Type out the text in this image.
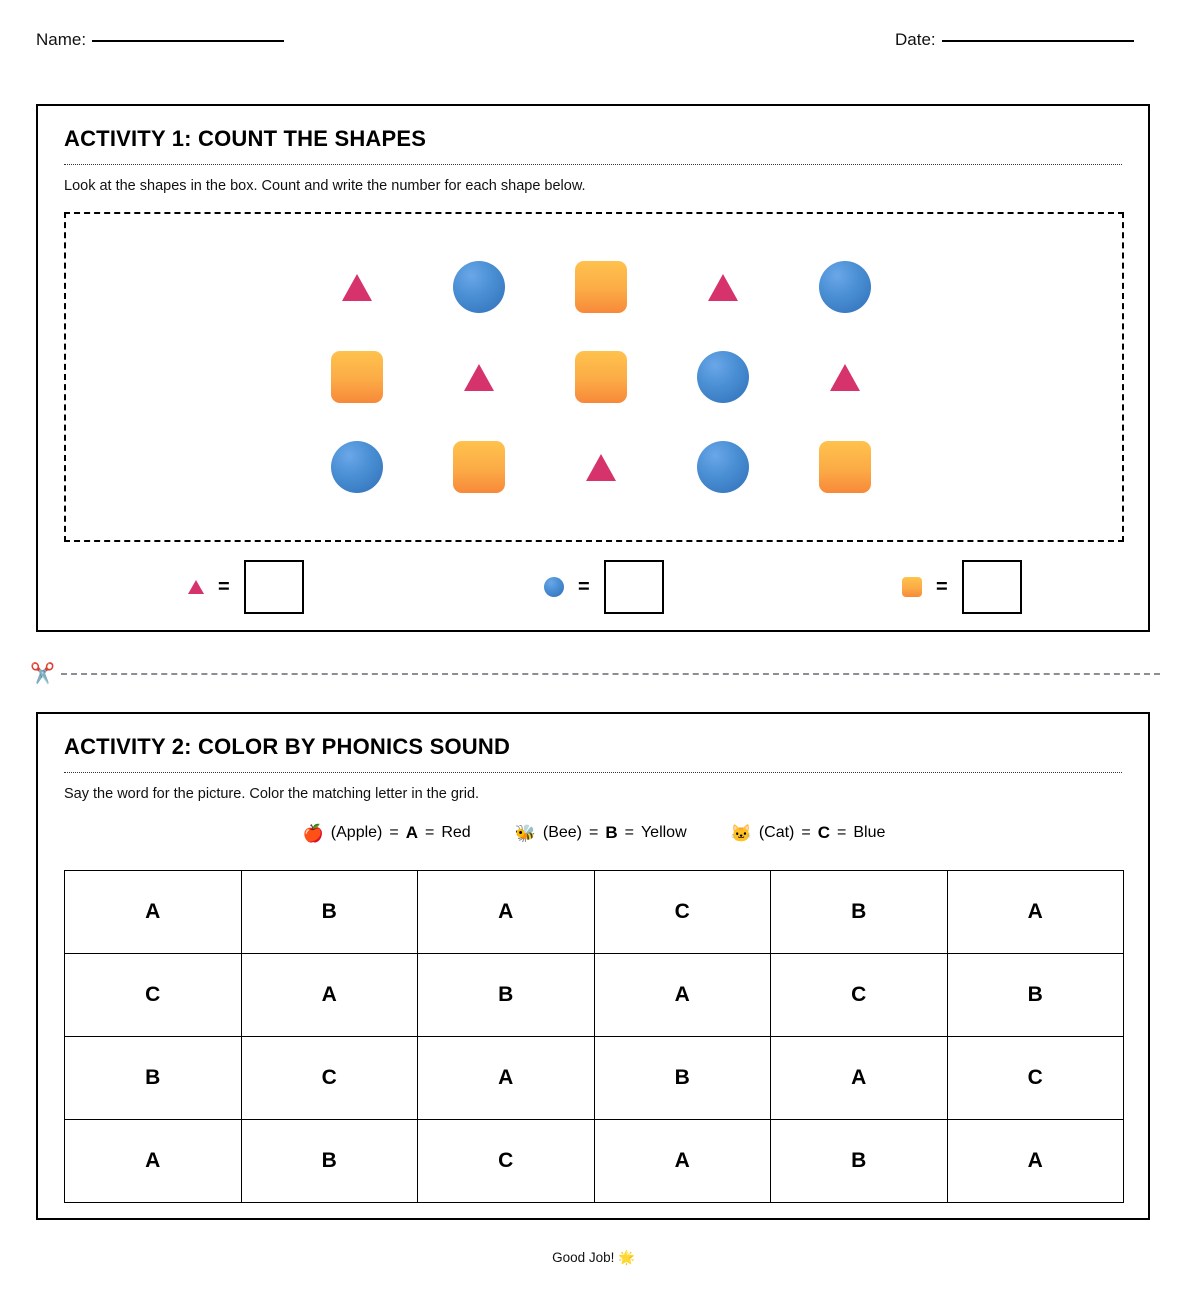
Name:	Date:
ACTIVITY 1: COUNT THE SHAPES
Look at the shapes in the box. Count and write the number for each shape below.
=	=	=
✂️
ACTIVITY 2: COLOR BY PHONICS SOUND
Say the word for the picture. Color the matching letter in the grid.
🍎 (Apple) = A = Red	🐝 (Bee) = B = Yellow	🐱 (Cat) = C = Blue
A	B	A	C	B	A
C	A	B	A	C	B
B	C	A	B	A	C
A	B	C	A	B	A
Good Job! 🌟
